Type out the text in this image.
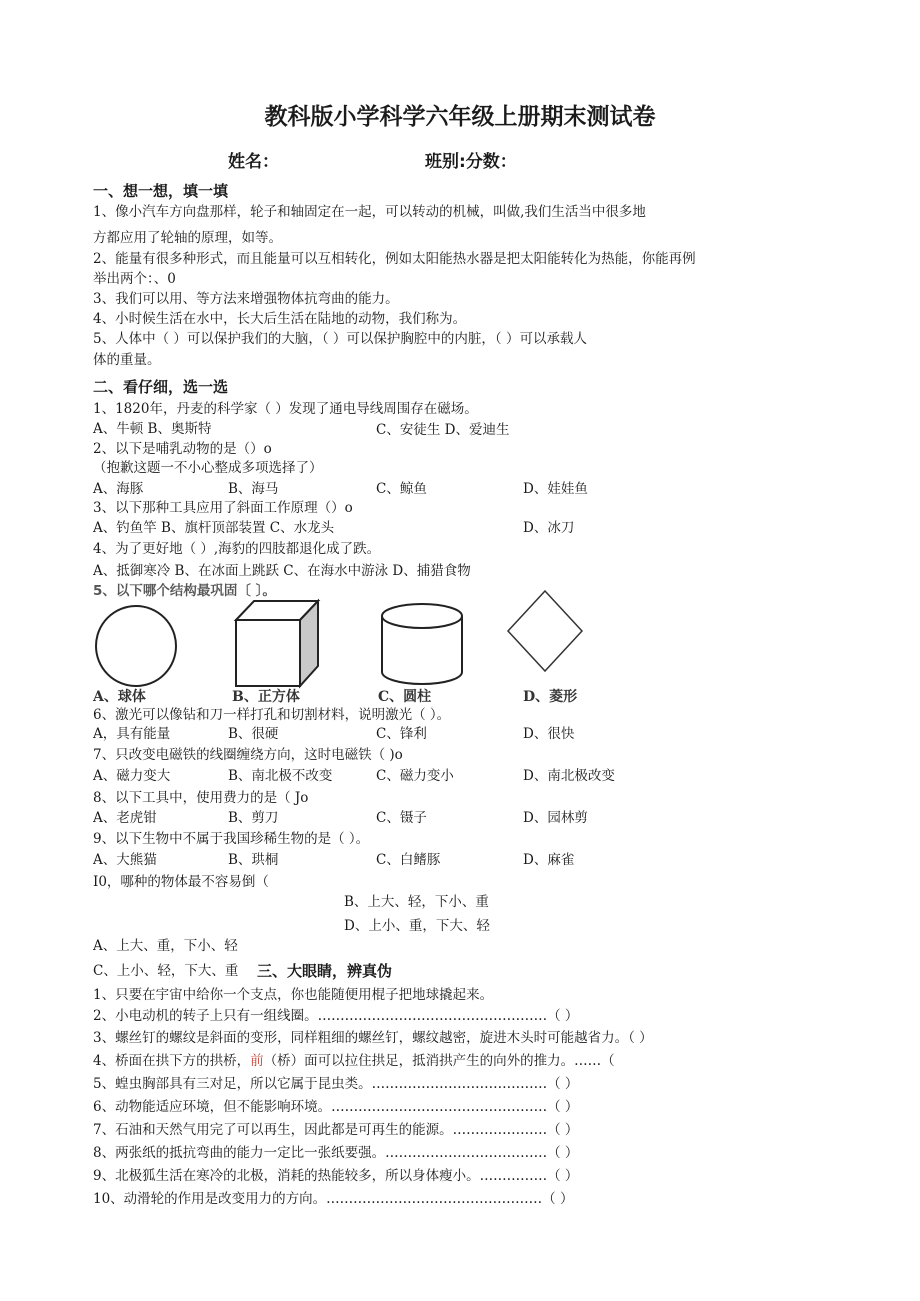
教科版小学科学六年级上册期末测试卷
姓名：	班别:分数：
一、想一想，填一填
1、像小汽车方向盘那样，轮子和轴固定在一起，可以转动的机械，叫做,我们生活当中很多地
方都应用了轮轴的原理，如等。
2、能量有很多种形式，而且能量可以互相转化，例如太阳能热水器是把太阳能转化为热能，你能再例
举出两个：、0
3、我们可以用、等方法来增强物体抗弯曲的能力。
4、小时候生活在水中，长大后生活在陆地的动物，我们称为。
5、人体中（ ）可以保护我们的大脑，（ ）可以保护胸腔中的内脏，（ ）可以承载人
体的重量。
二、看仔细，选一选
1、1820年，丹麦的科学家（ ）发现了通电导线周围存在磁场。
A、牛顿 B、奥斯特	C、安徒生 D、爱迪生
2、以下是哺乳动物的是（）o
（抱歉这题一不小心整成多项选择了）
A、海豚	B、海马	C、鲸鱼	D、娃娃鱼
3、以下那种工具应用了斜面工作原理（）o
A、钓鱼竿 B、旗杆顶部装置 C、水龙头	D、冰刀
4、为了更好地（ ）,海豹的四肢都退化成了跌。
A、抵御寒冷 B、在冰面上跳跃 C、在海水中游泳 D、捕猎食物
5、以下哪个结构最巩固〔 〕。
A、球体	B、正方体	C、圆柱	D、菱形
6、激光可以像钻和刀一样打孔和切割材料，说明激光（ ）。
A，具有能量	B、很硬	C、锋利	D、很快
7、只改变电磁铁的线圈缠绕方向，这时电磁铁（ )o
A、磁力变大	B、南北极不改变	C、磁力变小	D、南北极改变
8、以下工具中，使用费力的是（ Jo
A、老虎钳	B、剪刀	C、镊子	D、园林剪
9、以下生物中不属于我国珍稀生物的是（ ）。
A、大熊猫	B、珙桐	C、白鳍豚	D、麻雀
I0，哪种的物体最不容易倒（
B、上大、轻，下小、重
D、上小、重，下大、轻
A、上大、重，下小、轻
C、上小、轻，下大、重 三、大眼睛，辨真伪
1、只要在宇宙中给你一个支点，你也能随便用棍子把地球撬起来。
2、小电动机的转子上只有一组线圈。……………………………………………（ ）
3、螺丝钉的螺纹是斜面的变形，同样粗细的螺丝钉，螺纹越密，旋进木头时可能越省力。（ ）
4、桥面在拱下方的拱桥，前（桥）面可以拉住拱足，抵消拱产生的向外的推力。……（
5、蝗虫胸部具有三对足，所以它属于昆虫类。…………………………………（ ）
6、动物能适应环境，但不能影响环境。…………………………………………（ ）
7、石油和天然气用完了可以再生，因此都是可再生的能源。…………………（ ）
8、两张纸的抵抗弯曲的能力一定比一张纸要强。………………………………（ ）
9、北极狐生活在寒冷的北极，消耗的热能较多，所以身体瘦小。……………（ ）
10、动滑轮的作用是改变用力的方向。…………………………………………（ ）
